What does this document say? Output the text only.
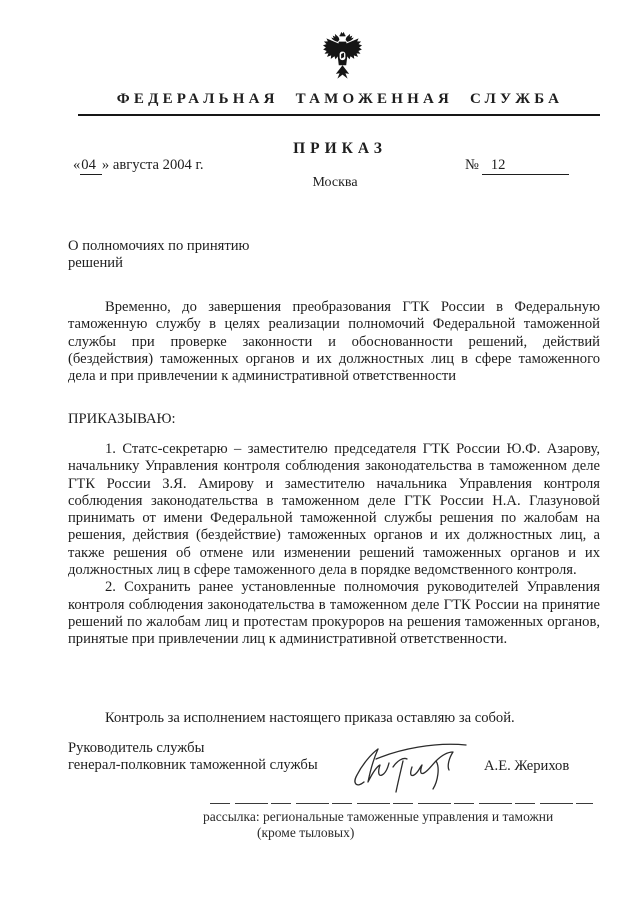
ФЕДЕРАЛЬНАЯ ТАМОЖЕННАЯ СЛУЖБА
ПРИКАЗ
«04 » августа 2004 г.	№  12
Москва
О полномочиях по принятию
решений

Временно, до завершения преобразования ГТК России в Федеральную таможенную службу в целях реализации полномочий Федеральной таможенной службы при проверке законности и обоснованности решений, действий (бездействия) таможенных органов и их должностных лиц в сфере таможенного дела и при привлечении к административной ответственности

ПРИКАЗЫВАЮ:

1. Статс-секретарю – заместителю председателя ГТК России Ю.Ф. Азарову, начальнику Управления контроля соблюдения законодательства в таможенном деле ГТК России З.Я. Амирову и заместителю начальника Управления контроля соблюдения законодательства в таможенном деле ГТК России Н.А. Глазуновой принимать от имени Федеральной таможенной службы решения по жалобам на решения, действия (бездействие) таможенных органов и их должностных лиц, а также решения об отмене или изменении решений таможенных органов и их должностных лиц в сфере таможенного дела в порядке ведомственного контроля.

2. Сохранить ранее установленные полномочия руководителей Управления контроля соблюдения законодательства в таможенном деле ГТК России на принятие решений по жалобам лиц и протестам прокуроров на решения таможенных органов, принятые при привлечении лиц к административной ответственности.

Контроль за исполнением настоящего приказа оставляю за собой.

Руководитель службы
генерал-полковник таможенной службы	А.Е. Жерихов
рассылка: региональные таможенные управления и таможни
(кроме тыловых)
